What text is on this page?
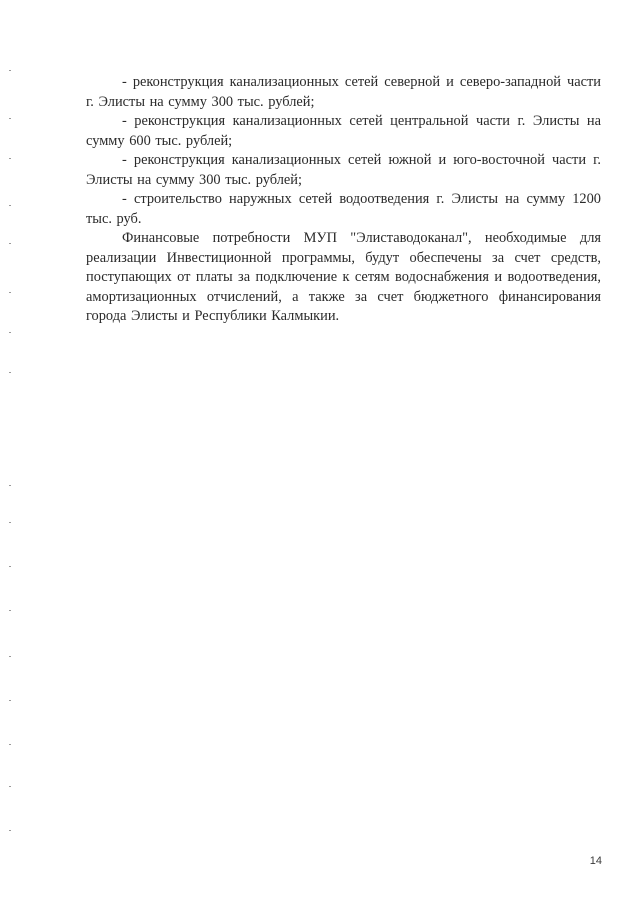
- реконструкция канализационных сетей северной и северо-западной части г. Элисты на сумму 300 тыс. рублей;

- реконструкция канализационных сетей центральной части г. Элисты на сумму 600 тыс. рублей;

- реконструкция канализационных сетей южной и юго-восточной части г. Элисты на сумму 300 тыс. рублей;

- строительство наружных сетей водоотведения г. Элисты на сумму 1200 тыс. руб.

Финансовые потребности МУП "Элиставодоканал", необходимые для реализации Инвестиционной программы, будут обеспечены за счет средств, поступающих от платы за подключение к сетям водоснабжения и водоотведения, амортизационных отчислений, а также за счет бюджетного финансирования города Элисты и Республики Калмыкии.

14
